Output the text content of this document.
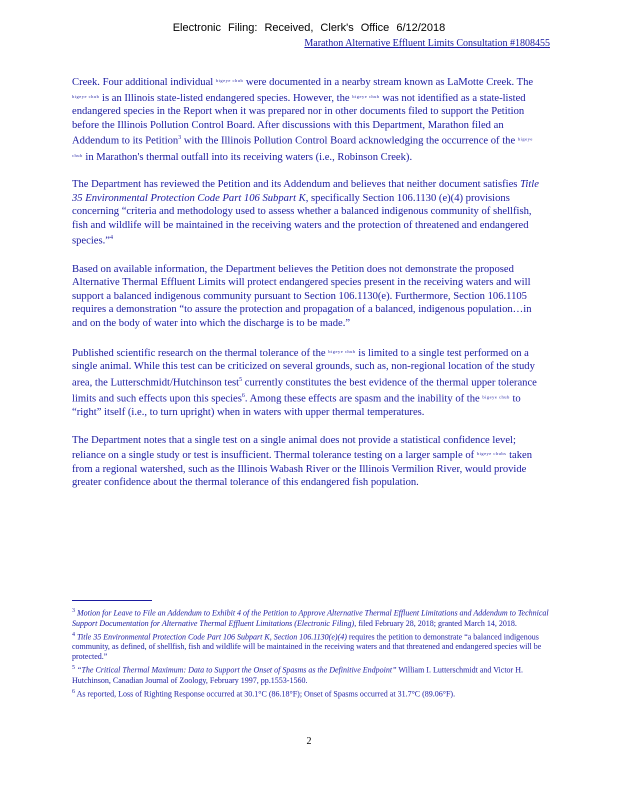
Electronic Filing: Received, Clerk's Office 6/12/2018
Marathon Alternative Effluent Limits Consultation #1808455

Creek. Four additional individual $^{bigeye chub}$ were documented in a nearby stream known as LaMotte Creek. The $^{bigeye chub}$ is an Illinois state-listed endangered species. However, the $^{bigeye chub}$ was not identified as a state-listed endangered species in the Report when it was prepared nor in other documents filed to support the Petition before the Illinois Pollution Control Board. After discussions with this Department, Marathon filed an Addendum to its Petition$^3$ with the Illinois Pollution Control Board acknowledging the occurrence of the $^{bigeye chub}$ in Marathon's thermal outfall into its receiving waters (i.e., Robinson Creek).

The Department has reviewed the Petition and its Addendum and believes that neither document satisfies Title 35 Environmental Protection Code Part 106 Subpart K, specifically Section 106.1130 (e)(4) provisions concerning “criteria and methodology used to assess whether a balanced indigenous community of shellfish, fish and wildlife will be maintained in the receiving waters and the protection of threatened and endangered species.”$^4$

Based on available information, the Department believes the Petition does not demonstrate the proposed Alternative Thermal Effluent Limits will protect endangered species present in the receiving waters and will support a balanced indigenous community pursuant to Section 106.1130(e). Furthermore, Section 106.1105 requires a demonstration “to assure the protection and propagation of a balanced, indigenous population…in and on the body of water into which the discharge is to be made.”

Published scientific research on the thermal tolerance of the $^{bigeye chub}$ is limited to a single test performed on a single animal. While this test can be criticized on several grounds, such as, non-regional location of the study area, the Lutterschmidt/Hutchinson test$^5$ currently constitutes the best evidence of the thermal upper tolerance limits and such effects upon this species$^6$. Among these effects are spasm and the inability of the $^{bigeye chub}$ to “right” itself (i.e., to turn upright) when in waters with upper thermal temperatures.

The Department notes that a single test on a single animal does not provide a statistical confidence level; reliance on a single study or test is insufficient. Thermal tolerance testing on a larger sample of $^{bigeye chubs}$ taken from a regional watershed, such as the Illinois Wabash River or the Illinois Vermilion River, would provide greater confidence about the thermal tolerance of this endangered fish population.

$^3$ Motion for Leave to File an Addendum to Exhibit 4 of the Petition to Approve Alternative Thermal Effluent Limitations and Addendum to Technical Support Documentation for Alternative Thermal Effluent Limitations (Electronic Filing), filed February 28, 2018; granted March 14, 2018.

$^4$ Title 35 Environmental Protection Code Part 106 Subpart K, Section 106.1130(e)(4) requires the petition to demonstrate “a balanced indigenous community, as defined, of shellfish, fish and wildlife will be maintained in the receiving waters and that threatened and endangered species will be protected.”

$^5$ “The Critical Thermal Maximum: Data to Support the Onset of Spasms as the Definitive Endpoint” William I. Lutterschmidt and Victor H. Hutchinson, Canadian Journal of Zoology, February 1997, pp.1553-1560.

$^6$ As reported, Loss of Righting Response occurred at 30.1°C (86.18°F); Onset of Spasms occurred at 31.7°C (89.06°F).

2
